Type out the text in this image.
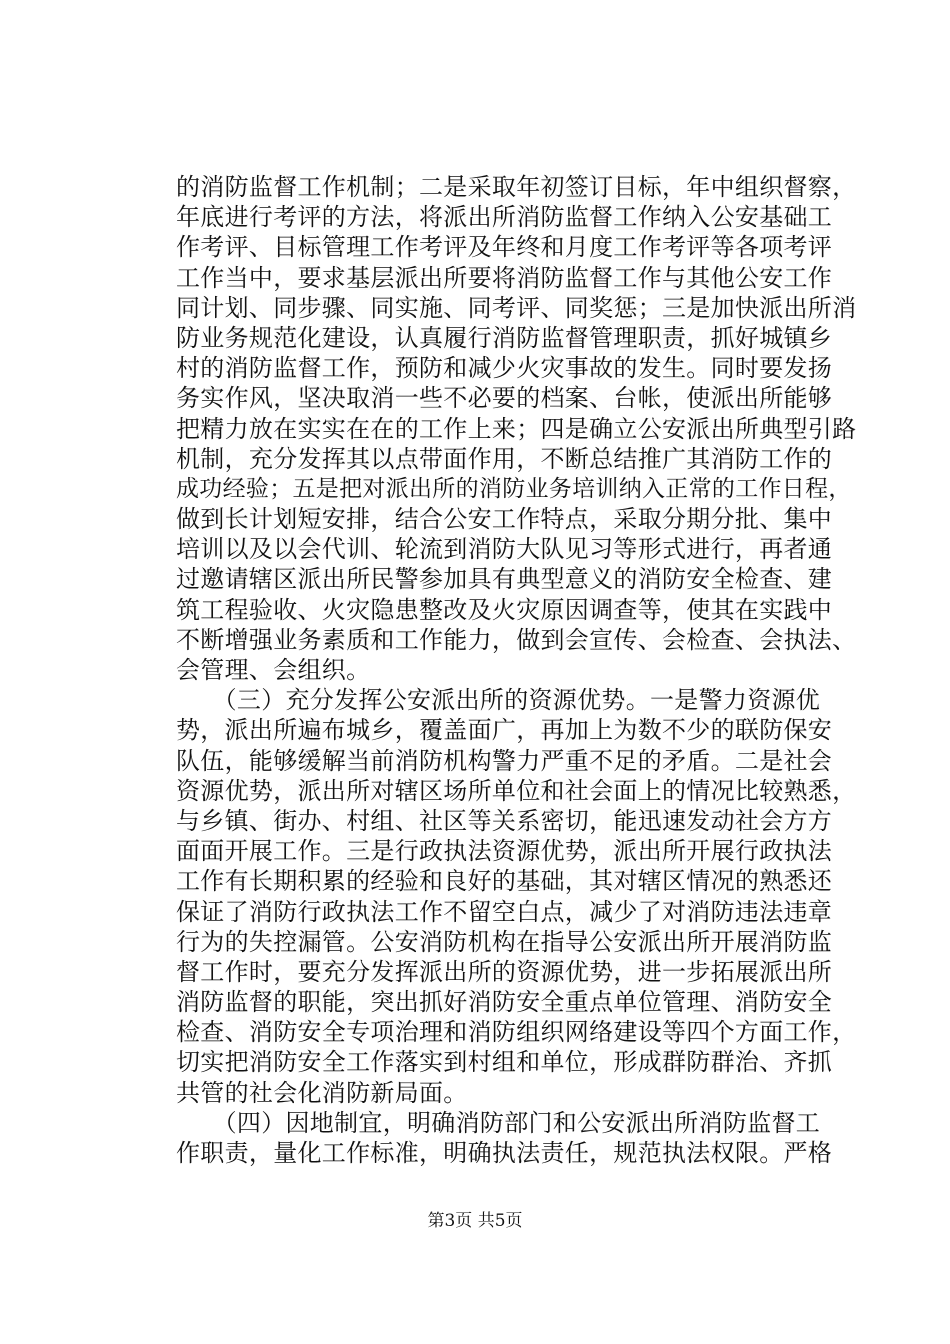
的消防监督工作机制；二是采取年初签订目标，年中组织督察，
年底进行考评的方法，将派出所消防监督工作纳入公安基础工
作考评、目标管理工作考评及年终和月度工作考评等各项考评
工作当中，要求基层派出所要将消防监督工作与其他公安工作
同计划、同步骤、同实施、同考评、同奖惩；三是加快派出所消
防业务规范化建设，认真履行消防监督管理职责，抓好城镇乡
村的消防监督工作，预防和减少火灾事故的发生。同时要发扬
务实作风，坚决取消一些不必要的档案、台帐，使派出所能够
把精力放在实实在在的工作上来；四是确立公安派出所典型引路
机制，充分发挥其以点带面作用，不断总结推广其消防工作的
成功经验；五是把对派出所的消防业务培训纳入正常的工作日程，
做到长计划短安排，结合公安工作特点，采取分期分批、集中
培训以及以会代训、轮流到消防大队见习等形式进行，再者通
过邀请辖区派出所民警参加具有典型意义的消防安全检查、建
筑工程验收、火灾隐患整改及火灾原因调查等，使其在实践中
不断增强业务素质和工作能力，做到会宣传、会检查、会执法、
会管理、会组织。
　　（三）充分发挥公安派出所的资源优势。一是警力资源优
势，派出所遍布城乡，覆盖面广，再加上为数不少的联防保安
队伍，能够缓解当前消防机构警力严重不足的矛盾。二是社会
资源优势，派出所对辖区场所单位和社会面上的情况比较熟悉，
与乡镇、街办、村组、社区等关系密切，能迅速发动社会方方
面面开展工作。三是行政执法资源优势，派出所开展行政执法
工作有长期积累的经验和良好的基础，其对辖区情况的熟悉还
保证了消防行政执法工作不留空白点，减少了对消防违法违章
行为的失控漏管。公安消防机构在指导公安派出所开展消防监
督工作时，要充分发挥派出所的资源优势，进一步拓展派出所
消防监督的职能，突出抓好消防安全重点单位管理、消防安全
检查、消防安全专项治理和消防组织网络建设等四个方面工作，
切实把消防安全工作落实到村组和单位，形成群防群治、齐抓
共管的社会化消防新局面。
　　（四）因地制宜，明确消防部门和公安派出所消防监督工
作职责，量化工作标准，明确执法责任，规范执法权限。严格
第3页 共5页
